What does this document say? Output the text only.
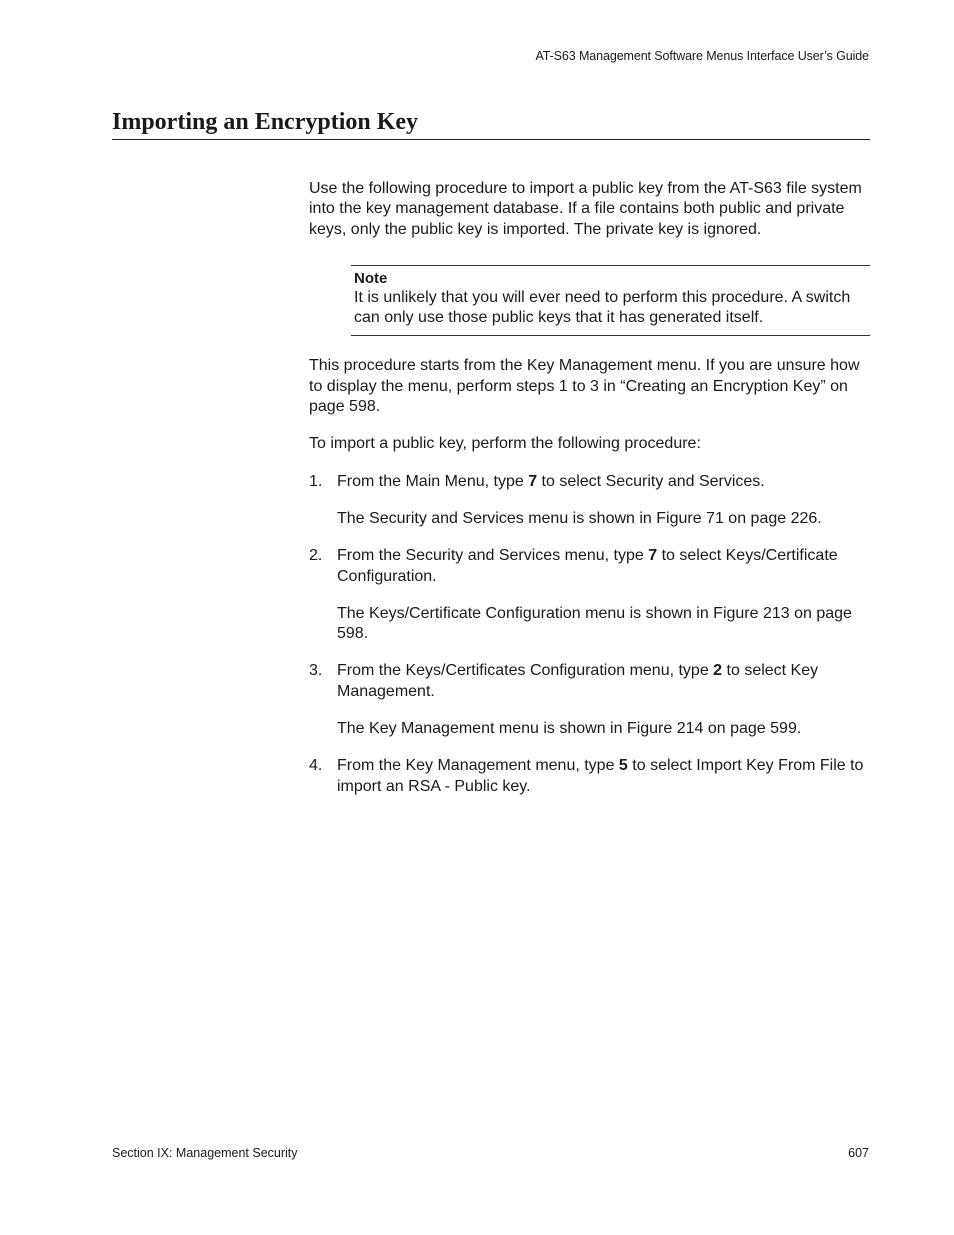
AT-S63 Management Software Menus Interface User’s Guide
Importing an Encryption Key

Use the following procedure to import a public key from the AT-S63 file system into the key management database. If a file contains both public and private keys, only the public key is imported. The private key is ignored.

Note
It is unlikely that you will ever need to perform this procedure. A switch can only use those public keys that it has generated itself.

This procedure starts from the Key Management menu. If you are unsure how to display the menu, perform steps 1 to 3 in “Creating an Encryption Key” on page 598.

To import a public key, perform the following procedure:

1. From the Main Menu, type 7 to select Security and Services.

The Security and Services menu is shown in Figure 71 on page 226.

2. From the Security and Services menu, type 7 to select Keys/Certificate Configuration.

The Keys/Certificate Configuration menu is shown in Figure 213 on page 598.

3. From the Keys/Certificates Configuration menu, type 2 to select Key Management.

The Key Management menu is shown in Figure 214 on page 599.

4. From the Key Management menu, type 5 to select Import Key From File to import an RSA - Public key.

Section IX: Management Security	607
